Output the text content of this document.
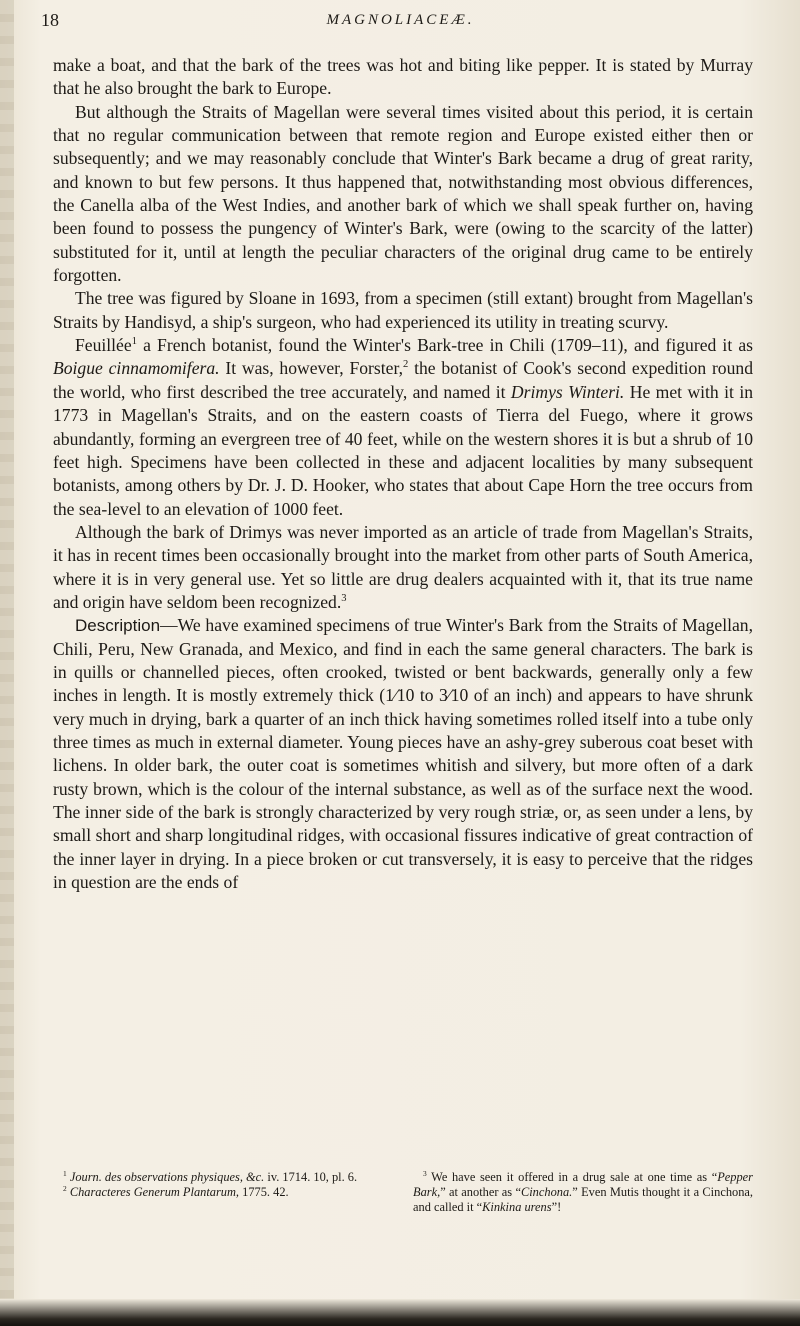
18	MAGNOLIACEÆ.

make a boat, and that the bark of the trees was hot and biting like pepper. It is stated by Murray that he also brought the bark to Europe.

But although the Straits of Magellan were several times visited about this period, it is certain that no regular communication between that remote region and Europe existed either then or subsequently; and we may reasonably conclude that Winter's Bark became a drug of great rarity, and known to but few persons. It thus happened that, notwithstanding most obvious differences, the Canella alba of the West Indies, and another bark of which we shall speak further on, having been found to possess the pungency of Winter's Bark, were (owing to the scarcity of the latter) substituted for it, until at length the peculiar characters of the original drug came to be entirely forgotten.

The tree was figured by Sloane in 1693, from a specimen (still extant) brought from Magellan's Straits by Handisyd, a ship's surgeon, who had experienced its utility in treating scurvy.

Feuillée$^1$ a French botanist, found the Winter's Bark-tree in Chili (1709–11), and figured it as Boigue cinnamomifera. It was, however, Forster,$^2$ the botanist of Cook's second expedition round the world, who first described the tree accurately, and named it Drimys Winteri. He met with it in 1773 in Magellan's Straits, and on the eastern coasts of Tierra del Fuego, where it grows abundantly, forming an evergreen tree of 40 feet, while on the western shores it is but a shrub of 10 feet high. Specimens have been collected in these and adjacent localities by many subsequent botanists, among others by Dr. J. D. Hooker, who states that about Cape Horn the tree occurs from the sea-level to an elevation of 1000 feet.

Although the bark of Drimys was never imported as an article of trade from Magellan's Straits, it has in recent times been occasionally brought into the market from other parts of South America, where it is in very general use. Yet so little are drug dealers acquainted with it, that its true name and origin have seldom been recognized.$^3$

Description—We have examined specimens of true Winter's Bark from the Straits of Magellan, Chili, Peru, New Granada, and Mexico, and find in each the same general characters. The bark is in quills or channelled pieces, often crooked, twisted or bent backwards, generally only a few inches in length. It is mostly extremely thick (1⁄10 to 3⁄10 of an inch) and appears to have shrunk very much in drying, bark a quarter of an inch thick having sometimes rolled itself into a tube only three times as much in external diameter. Young pieces have an ashy-grey suberous coat beset with lichens. In older bark, the outer coat is sometimes whitish and silvery, but more often of a dark rusty brown, which is the colour of the internal substance, as well as of the surface next the wood. The inner side of the bark is strongly characterized by very rough striæ, or, as seen under a lens, by small short and sharp longitudinal ridges, with occasional fissures indicative of great contraction of the inner layer in drying. In a piece broken or cut transversely, it is easy to perceive that the ridges in question are the ends of

$^1$ Journ. des observations physiques, &c. iv. 1714. 10, pl. 6.

$^2$ Characteres Generum Plantarum, 1775. 42.

$^3$ We have seen it offered in a drug sale at one time as “Pepper Bark,” at another as “Cinchona.” Even Mutis thought it a Cinchona, and called it “Kinkina urens”!
